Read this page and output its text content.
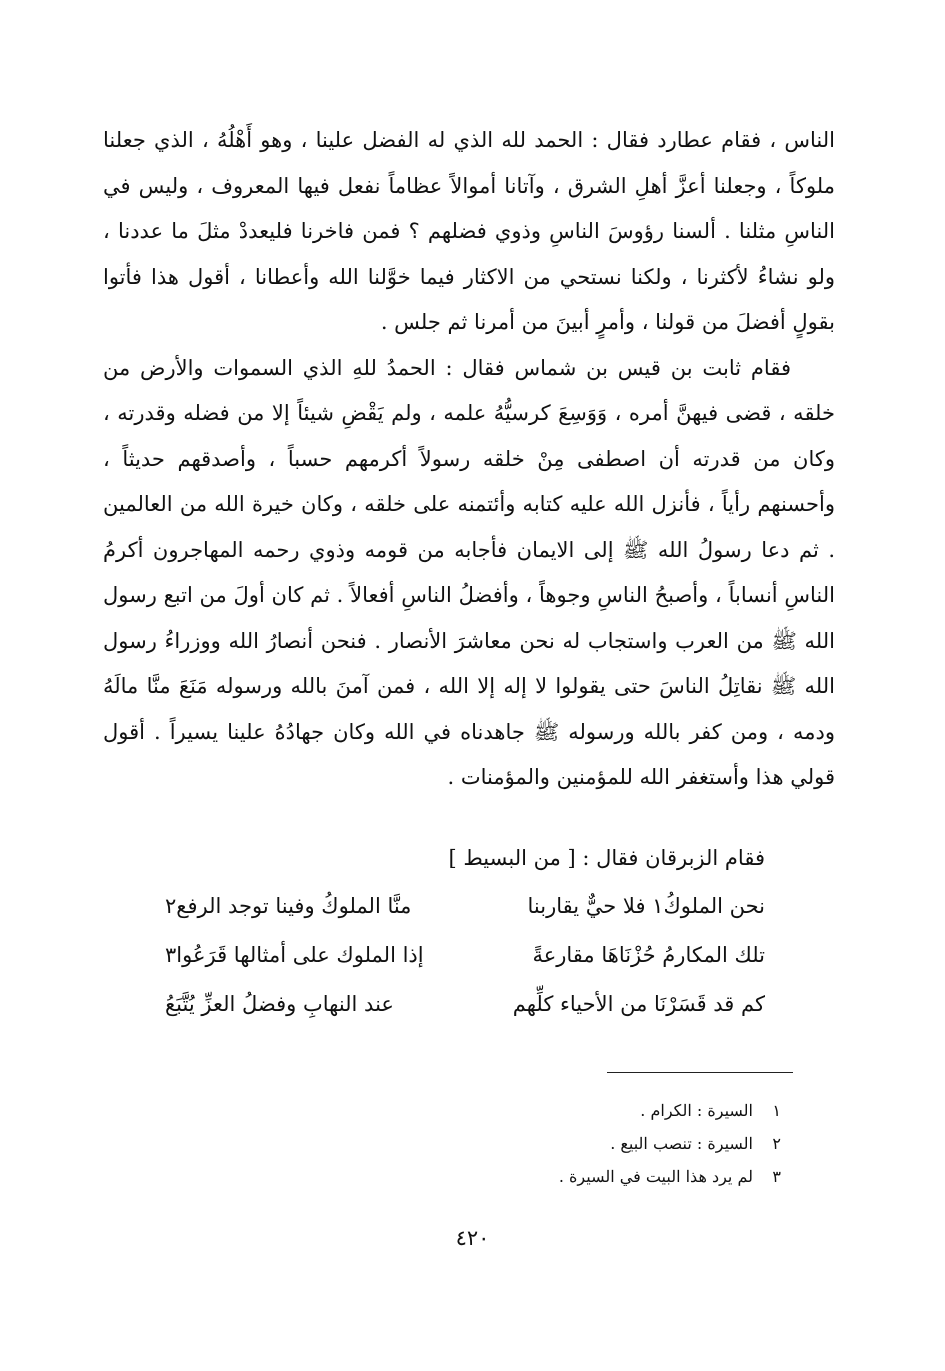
الناس ، فقام عطارد فقال : الحمد لله الذي له الفضل علينا ، وهو أَهْلُهُ ، الذي جعلنا ملوكاً ، وجعلنا أعزَّ أهلِ الشرق ، وآتانا أموالاً عظاماً نفعل فيها المعروف ، وليس في الناسِ مثلنا . ألسنا رؤوسَ الناسِ وذوي فضلهم ؟ فمن فاخرنا فليعددْ مثلَ ما عددنا ، ولو نشاءُ لأكثرنا ، ولكنا نستحي من الاكثار فيما خوَّلنا الله وأعطانا ، أقول هذا فأتوا بقولٍ أفضلَ من قولنا ، وأمرٍ أبينَ من أمرنا ثم جلس .

فقام ثابت بن قيس بن شماس فقال : الحمدُ للهِ الذي السموات والأرض من خلقه ، قضى فيهنَّ أمره ، وَوَسِعَ كرسيُّهُ علمه ، ولم يَقْضِ شيئاً إلا من فضله وقدرته ، وكان من قدرته أن اصطفى مِنْ خلقه رسولاً أكرمهم حسباً ، وأصدقهم حديثاً ، وأحسنهم رأياً ، فأنزل الله عليه كتابه وأئتمنه على خلقه ، وكان خيرة الله من العالمين . ثم دعا رسولُ الله ﷺ إلى الايمان فأجابه من قومه وذوي رحمه المهاجرون أكرمُ الناسِ أنساباً ، وأصبحُ الناسِ وجوهاً ، وأفضلُ الناسِ أفعالاً . ثم كان أولَ من اتبع رسول الله ﷺ من العرب واستجاب له نحن معاشرَ الأنصار . فنحن أنصارُ الله ووزراءُ رسول الله ﷺ نقاتِلُ الناسَ حتى يقولوا لا إله إلا الله ، فمن آمنَ بالله ورسوله مَنَعَ منَّا مالَهُ ودمه ، ومن كفر بالله ورسوله ﷺ جاهدناه في الله وكان جهادُهُ علينا يسيراً . أقول قولي هذا وأستغفر الله للمؤمنين والمؤمنات .

فقام الزبرقان فقال : [ من البسيط ]
نحن الملوكُ١ فلا حيٌّ يقاربنا
منَّا الملوكُ وفينا توجد الرفع٢
تلك المكارمُ حُزْنَاهَا مقارعةً
إذا الملوك على أمثالها قَرَعُوا٣
كم قد قَسَرْنَا من الأحياء كلِّهم
عند النهابِ وفضلُ العزِّ يُتَّبَعُ
١
السيرة : الكرام .
٢
السيرة : تنصب البيع .
٣
لم يرد هذا البيت في السيرة .
٤٢٠
